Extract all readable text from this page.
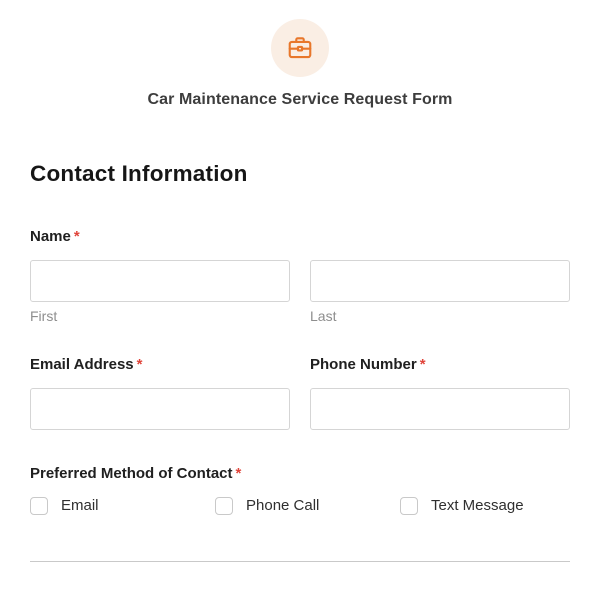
Car Maintenance Service Request Form
Contact Information
Name *
First	Last
Email Address *	Phone Number *
Preferred Method of Contact *
Email	Phone Call	Text Message
